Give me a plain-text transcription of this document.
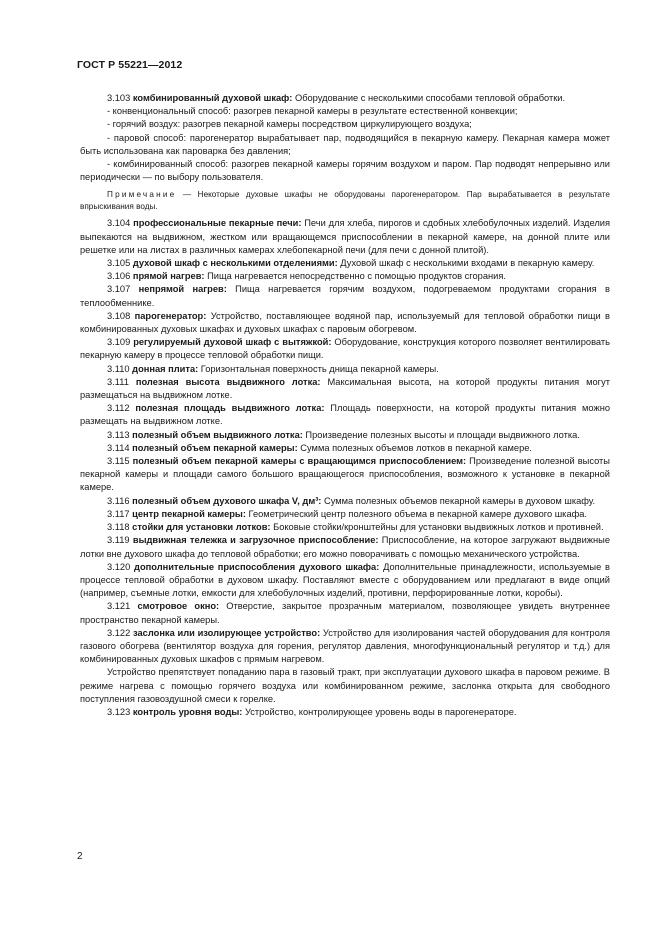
ГОСТ Р 55221—2012

3.103 комбинированный духовой шкаф: Оборудование с несколькими способами тепловой обработки.

- конвенциональный способ: разогрев пекарной камеры в результате естественной конвекции;

- горячий воздух: разогрев пекарной камеры посредством циркулирующего воздуха;

- паровой способ: парогенератор вырабатывает пар, подводящийся в пекарную камеру. Пекарная камера может быть использована как пароварка без давления;

- комбинированный способ: разогрев пекарной камеры горячим воздухом и паром. Пар подводят непрерывно или периодически — по выбору пользователя.

Примечание — Некоторые духовые шкафы не оборудованы парогенератором. Пар вырабатывается в результате впрыскивания воды.

3.104 профессиональные пекарные печи: Печи для хлеба, пирогов и сдобных хлебобулочных изделий. Изделия выпекаются на выдвижном, жестком или вращающемся приспособлении в пекарной камере, на донной плите или решетке или на листах в различных камерах хлебопекарной печи (для печи с донной плитой).

3.105 духовой шкаф с несколькими отделениями: Духовой шкаф с несколькими входами в пекарную камеру.

3.106 прямой нагрев: Пища нагревается непосредственно с помощью продуктов сгорания.

3.107 непрямой нагрев: Пища нагревается горячим воздухом, подогреваемом продуктами сгорания в теплообменнике.

3.108 парогенератор: Устройство, поставляющее водяной пар, используемый для тепловой обработки пищи в комбинированных духовых шкафах и духовых шкафах с паровым обогревом.

3.109 регулируемый духовой шкаф с вытяжкой: Оборудование, конструкция которого позволяет вентилировать пекарную камеру в процессе тепловой обработки пищи.

3.110 донная плита: Горизонтальная поверхность днища пекарной камеры.

3.111 полезная высота выдвижного лотка: Максимальная высота, на которой продукты питания могут размещаться на выдвижном лотке.

3.112 полезная площадь выдвижного лотка: Площадь поверхности, на которой продукты питания можно размещать на выдвижном лотке.

3.113 полезный объем выдвижного лотка: Произведение полезных высоты и площади выдвижного лотка.

3.114 полезный объем пекарной камеры: Сумма полезных объемов лотков в пекарной камере.

3.115 полезный объем пекарной камеры с вращающимся приспособлением: Произведение полезной высоты пекарной камеры и площади самого большого вращающегося приспособления, возможного к установке в пекарной камере.

3.116 полезный объем духового шкафа V, дм³: Сумма полезных объемов пекарной камеры в духовом шкафу.

3.117 центр пекарной камеры: Геометрический центр полезного объема в пекарной камере духового шкафа.

3.118 стойки для установки лотков: Боковые стойки/кронштейны для установки выдвижных лотков и противней.

3.119 выдвижная тележка и загрузочное приспособление: Приспособление, на которое загружают выдвижные лотки вне духового шкафа до тепловой обработки; его можно поворачивать с помощью механического устройства.

3.120 дополнительные приспособления духового шкафа: Дополнительные принадлежности, используемые в процессе тепловой обработки в духовом шкафу. Поставляют вместе с оборудованием или предлагают в виде опций (например, съемные лотки, емкости для хлебобулочных изделий, противни, перфорированные лотки, коробы).

3.121 смотровое окно: Отверстие, закрытое прозрачным материалом, позволяющее увидеть внутреннее пространство пекарной камеры.

3.122 заслонка или изолирующее устройство: Устройство для изолирования частей оборудования для контроля газового обогрева (вентилятор воздуха для горения, регулятор давления, многофункциональный регулятор и т.д.) для комбинированных духовых шкафов с прямым нагревом.

Устройство препятствует попаданию пара в газовый тракт, при эксплуатации духового шкафа в паровом режиме. В режиме нагрева с помощью горячего воздуха или комбинированном режиме, заслонка открыта для свободного поступления газовоздушной смеси к горелке.

3.123 контроль уровня воды: Устройство, контролирующее уровень воды в парогенераторе.

2
